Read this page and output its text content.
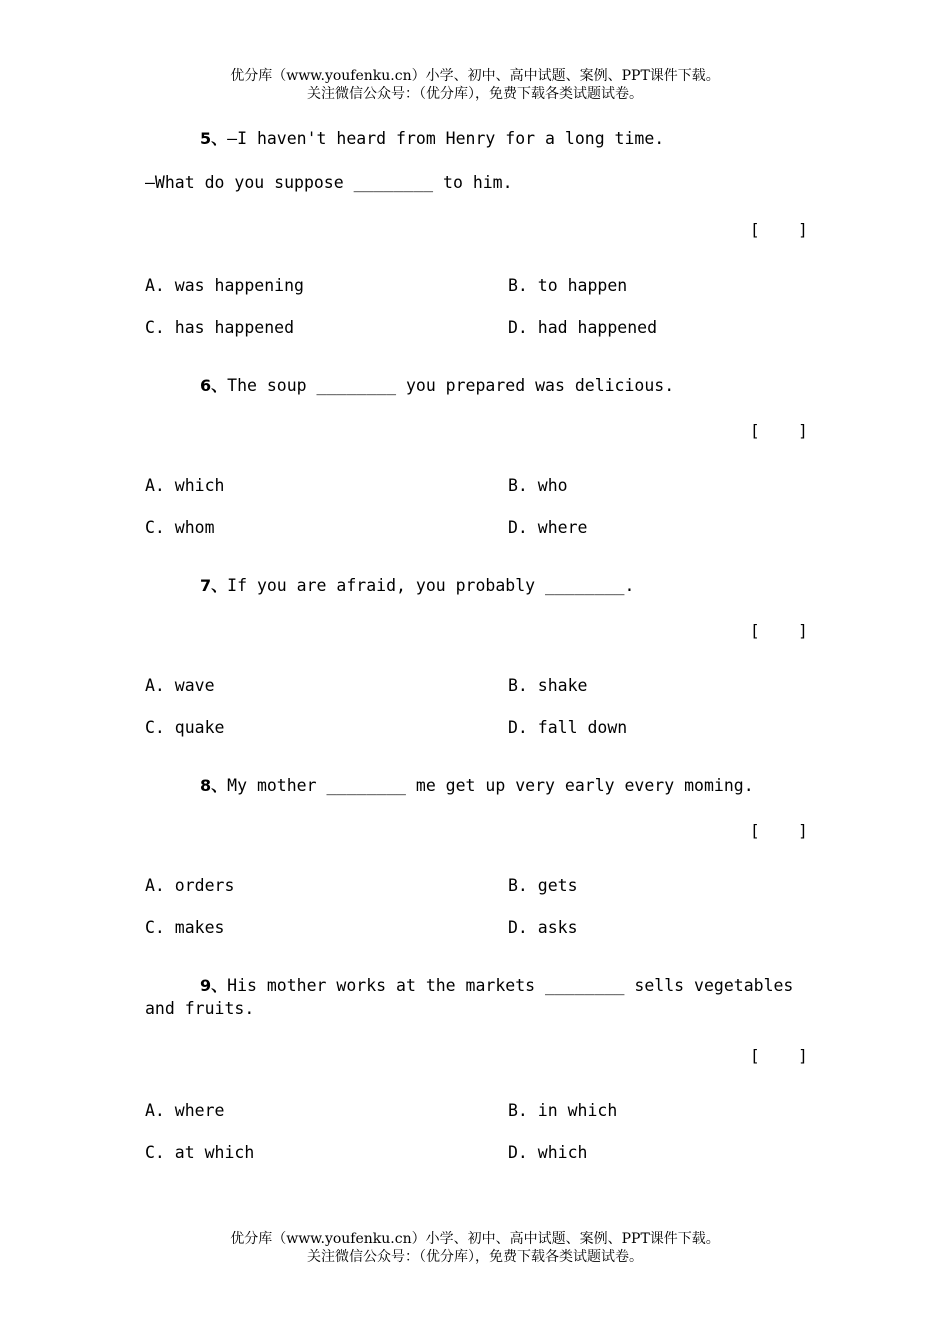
优分库（www.youfenku.cn）小学、初中、高中试题、案例、PPT课件下载。
关注微信公众号：（优分库），免费下载各类试题试卷。
5、—I haven't heard from Henry for a long time.
—What do you suppose ________ to him.
[    ]
A. was happening	B. to happen
C. has happened	D. had happened
6、The soup ________ you prepared was delicious.
[    ]
A. which	B. who
C. whom	D. where
7、If you are afraid, you probably ________.
[    ]
A. wave	B. shake
C. quake	D. fall down
8、My mother ________ me get up very early every moming.
[    ]
A. orders	B. gets
C. makes	D. asks
9、His mother works at the markets ________ sells vegetables
and fruits.
[    ]
A. where	B. in which
C. at which	D. which
优分库（www.youfenku.cn）小学、初中、高中试题、案例、PPT课件下载。
关注微信公众号：（优分库），免费下载各类试题试卷。
